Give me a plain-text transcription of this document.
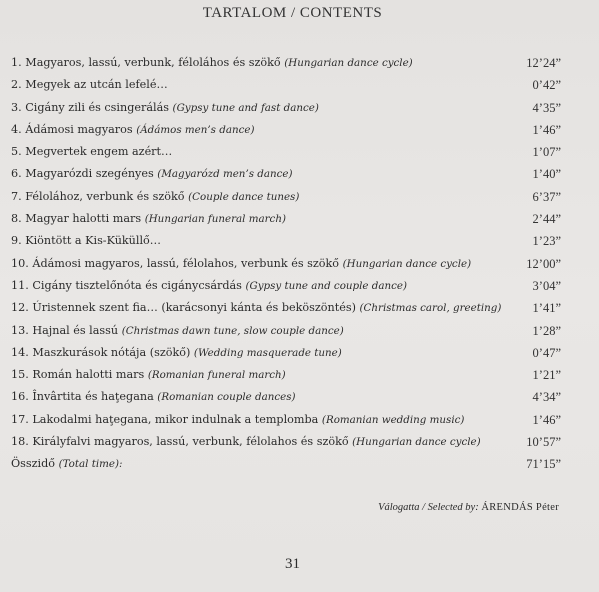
TARTALOM / CONTENTS
1. Magyaros, lassú, verbunk, féloláhos és szökő (Hungarian dance cycle)	12’24”
2. Megyek az utcán lefelé…	0’42”
3. Cigány zili és csingerálás (Gypsy tune and fast dance)	4’35”
4. Ádámosi magyaros (Ádámos men’s dance)	1’46”
5. Megvertek engem azért…	1’07”
6. Magyarózdi szegényes (Magyarózd men’s dance)	1’40”
7. Félolához, verbunk és szökő (Couple dance tunes)	6’37”
8. Magyar halotti mars (Hungarian funeral march)	2’44”
9. Kiöntött a Kis-Küküllő…	1’23”
10. Ádámosi magyaros, lassú, félolahos, verbunk és szökő (Hungarian dance cycle)	12’00”
11. Cigány tisztelőnóta és cigánycsárdás (Gypsy tune and couple dance)	3’04”
12. Úristennek szent fia… (karácsonyi kánta és beköszöntés) (Christmas carol, greeting) 1’41”
13. Hajnal és lassú (Christmas dawn tune, slow couple dance)	1’28”
14. Maszkurások nótája (szökő) (Wedding masquerade tune)	0’47”
15. Román halotti mars (Romanian funeral march)	1’21”
16. Învârtita és haţegana (Romanian couple dances)	4’34”
17. Lakodalmi haţegana, mikor indulnak a templomba (Romanian wedding music)	1’46”
18. Királyfalvi magyaros, lassú, verbunk, félolahos és szökő (Hungarian dance cycle)	10’57”
Összidő (Total time):	71’15”
Válogatta / Selected by: ÁRENDÁS Péter
31
